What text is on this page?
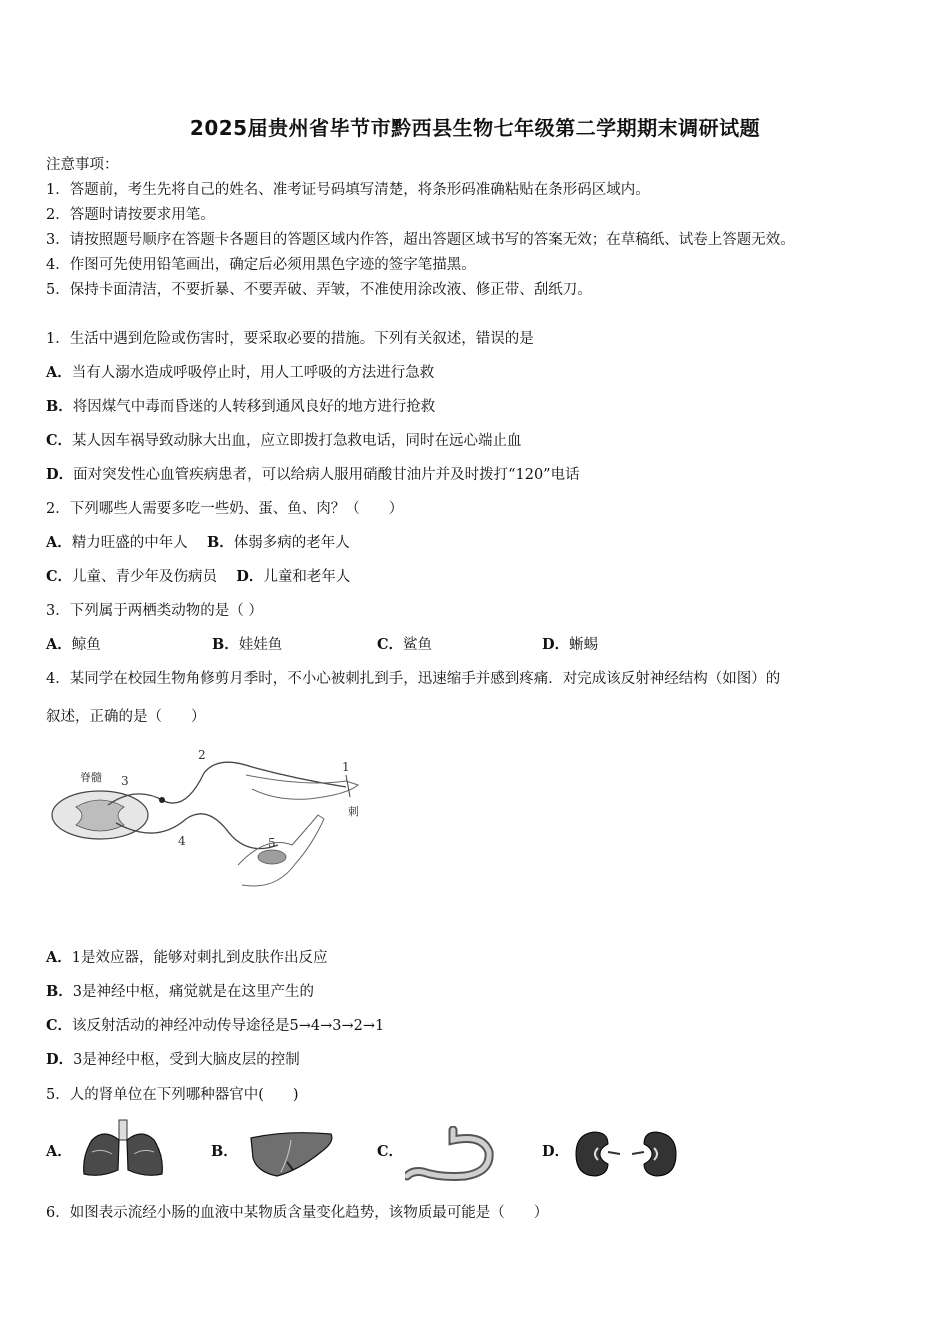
2025届贵州省毕节市黔西县生物七年级第二学期期末调研试题
注意事项：
1．答题前，考生先将自己的姓名、准考证号码填写清楚，将条形码准确粘贴在条形码区域内。
2．答题时请按要求用笔。
3．请按照题号顺序在答题卡各题目的答题区域内作答，超出答题区域书写的答案无效；在草稿纸、试卷上答题无效。
4．作图可先使用铅笔画出，确定后必须用黑色字迹的签字笔描黑。
5．保持卡面清洁，不要折暴、不要弄破、弄皱，不准使用涂改液、修正带、刮纸刀。
1．生活中遇到危险或伤害时，要采取必要的措施。下列有关叙述，错误的是
A．当有人溺水造成呼吸停止时，用人工呼吸的方法进行急救
B．将因煤气中毒而昏迷的人转移到通风良好的地方进行抢救
C．某人因车祸导致动脉大出血，应立即拨打急救电话，同时在远心端止血
D．面对突发性心血管疾病患者，可以给病人服用硝酸甘油片并及时拨打“120”电话
2．下列哪些人需要多吃一些奶、蛋、鱼、肉？（　　）
A．精力旺盛的中年人 B．体弱多病的老年人
C．儿童、青少年及伤病员 D．儿童和老年人
3．下列属于两栖类动物的是（ ）
A．鲸鱼	B．娃娃鱼	C．鲨鱼	D．蜥蜴
4．某同学在校园生物角修剪月季时，不小心被刺扎到手，迅速缩手并感到疼痛．对完成该反射神经结构（如图）的
叙述，正确的是（　　）
脊髓 3
2
1
刺
4	5
A．1是效应器，能够对刺扎到皮肤作出反应
B．3是神经中枢，痛觉就是在这里产生的
C．该反射活动的神经冲动传导途径是5→4→3→2→1
D．3是神经中枢，受到大脑皮层的控制
5．人的肾单位在下列哪种器官中(　　)
A．	B．	C．	D．
6．如图表示流经小肠的血液中某物质含量变化趋势，该物质最可能是（　　）
